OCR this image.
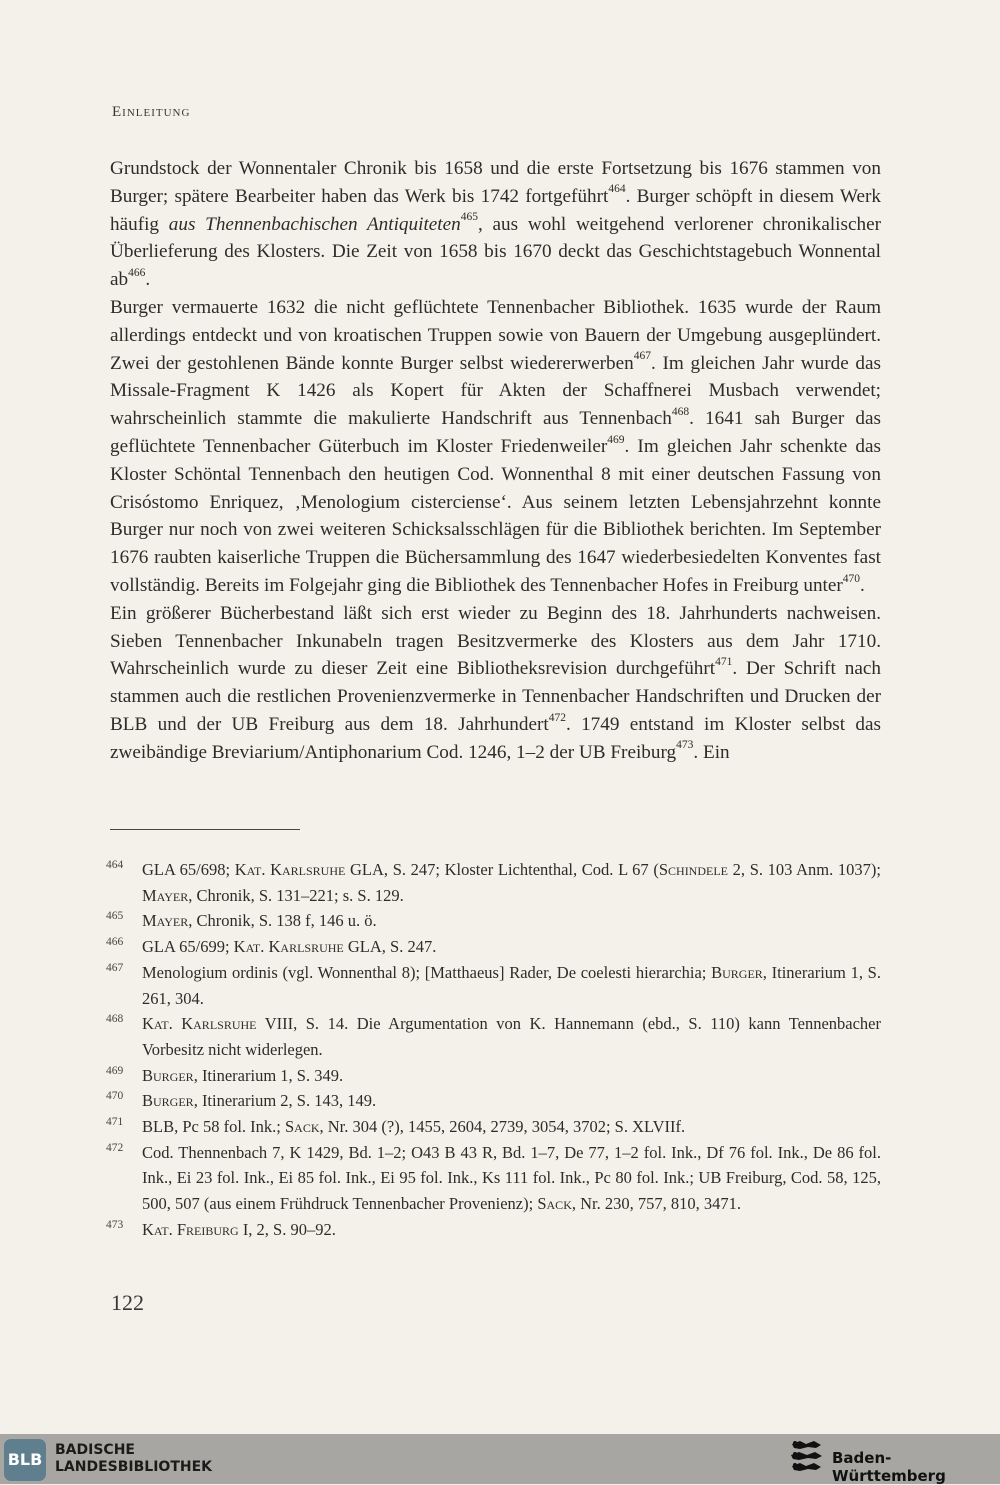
Einleitung

Grundstock der Wonnentaler Chronik bis 1658 und die erste Fortsetzung bis 1676 stammen von Burger; spätere Bearbeiter haben das Werk bis 1742 fortgeführt$^{464}$. Burger schöpft in diesem Werk häufig aus Thennenbachischen Antiquiteten$^{465}$, aus wohl weitgehend verlorener chronikalischer Überlieferung des Klosters. Die Zeit von 1658 bis 1670 deckt das Geschichtstagebuch Wonnental $ab^{466}$.

Burger vermauerte 1632 die nicht geflüchtete Tennenbacher Bibliothek. 1635 wurde der Raum allerdings entdeckt und von kroatischen Truppen sowie von Bauern der Umgebung ausgeplündert. Zwei der gestohlenen Bände konnte Burger selbst wiedererwerben$^{467}$. Im gleichen Jahr wurde das Missale-Fragment K 1426 als Kopert für Akten der Schaffnerei Musbach verwendet; wahrscheinlich stammte die makulierte Handschrift aus Tennenbach$^{468}$. 1641 sah Burger das geflüchtete Tennenbacher Güterbuch im Kloster Friedenweiler$^{469}$. Im gleichen Jahr schenkte das Kloster Schöntal Tennenbach den heutigen Cod. Wonnenthal 8 mit einer deutschen Fassung von Crisóstomo Enriquez, ‚Menologium cisterciense‘. Aus seinem letzten Lebensjahrzehnt konnte Burger nur noch von zwei weiteren Schicksalsschlägen für die Bibliothek berichten. Im September 1676 raubten kaiserliche Truppen die Büchersammlung des 1647 wiederbesiedelten Konventes fast vollständig. Bereits im Folgejahr ging die Bibliothek des Tennenbacher Hofes in Freiburg unter$^{470}$.

Ein größerer Bücherbestand läßt sich erst wieder zu Beginn des 18. Jahrhunderts nachweisen. Sieben Tennenbacher Inkunabeln tragen Besitzvermerke des Klosters aus dem Jahr 1710. Wahrscheinlich wurde zu dieser Zeit eine Bibliotheksrevision durchgeführt$^{471}$. Der Schrift nach stammen auch die restlichen Provenienzvermerke in Tennenbacher Handschriften und Drucken der BLB und der UB Freiburg aus dem 18. Jahrhundert$^{472}$. 1749 entstand im Kloster selbst das zweibändige Breviarium/Antiphonarium Cod. 1246, 1–2 der UB Freiburg$^{473}$. Ein

464 GLA 65/698; Kat. Karlsruhe GLA, S. 247; Kloster Lichtenthal, Cod. L 67 (Schindele 2, S. 103 Anm. 1037); Mayer, Chronik, S. 131–221; s. S. 129.
465 Mayer, Chronik, S. 138 f, 146 u. ö.
466 GLA 65/699; Kat. Karlsruhe GLA, S. 247.
467 Menologium ordinis (vgl. Wonnenthal 8); [Matthaeus] Rader, De coelesti hierarchia; Burger, Itinerarium 1, S. 261, 304.
468 Kat. Karlsruhe VIII, S. 14. Die Argumentation von K. Hannemann (ebd., S. 110) kann Tennenbacher Vorbesitz nicht widerlegen.
469 Burger, Itinerarium 1, S. 349.
470 Burger, Itinerarium 2, S. 143, 149.
471 BLB, Pc 58 fol. Ink.; Sack, Nr. 304 (?), 1455, 2604, 2739, 3054, 3702; S. XLVIIf.
472 Cod. Thennenbach 7, K 1429, Bd. 1–2; O43 B 43 R, Bd. 1–7, De 77, 1–2 fol. Ink., Df 76 fol. Ink., De 86 fol. Ink., Ei 23 fol. Ink., Ei 85 fol. Ink., Ei 95 fol. Ink., Ks 111 fol. Ink., Pc 80 fol. Ink.; UB Freiburg, Cod. 58, 125, 500, 507 (aus einem Frühdruck Tennenbacher Provenienz); Sack, Nr. 230, 757, 810, 3471.
473 Kat. Freiburg I, 2, S. 90–92.
122
BLB BADISCHE
LANDESBIBLIOTHEK	Baden-Württemberg
